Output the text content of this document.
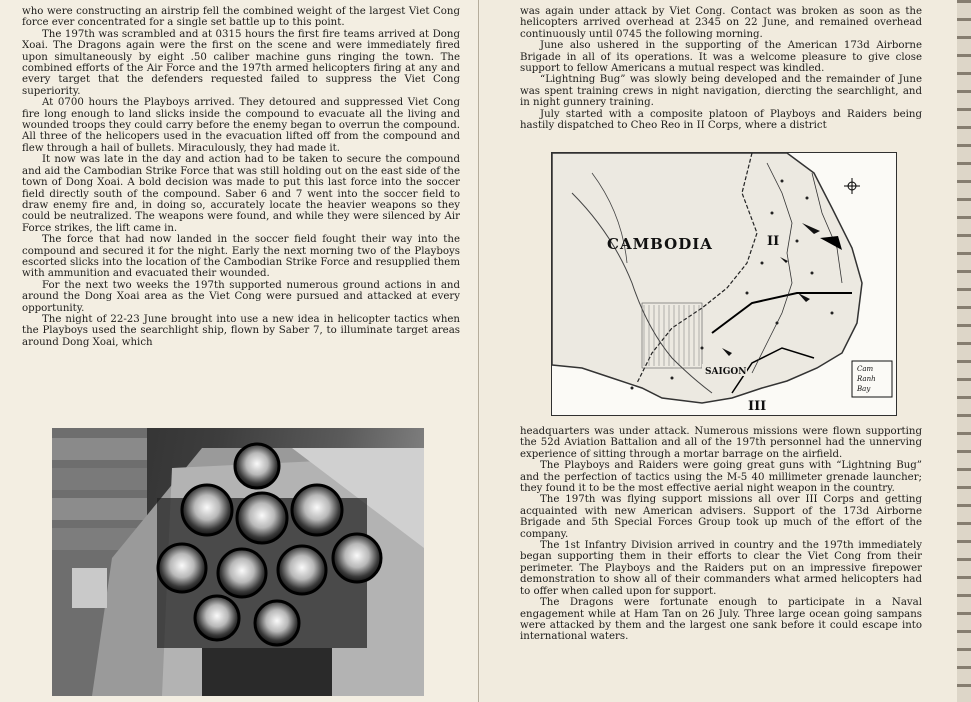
who were constructing an airstrip fell the combined weight of the largest Viet Cong force ever concentrated for a single set battle up to this point.

The 197th was scrambled and at 0315 hours the first fire teams arrived at Dong Xoai. The Dragons again were the first on the scene and were immediately fired upon simultaneously by eight .50 caliber machine guns ringing the town. The combined efforts of the Air Force and the 197th armed helicopters firing at any and every target that the defenders requested failed to suppress the Viet Cong superiority.

At 0700 hours the Playboys arrived. They detoured and suppressed Viet Cong fire long enough to land slicks inside the compound to evacuate all the living and wounded troops they could carry before the enemy began to overrun the compound. All three of the helicopers used in the evacuation lifted off from the compound and flew through a hail of bullets. Miraculously, they had made it.

It now was late in the day and action had to be taken to secure the compound and aid the Cambodian Strike Force that was still holding out on the east side of the town of Dong Xoai. A bold decision was made to put this last force into the soccer field directly south of the compound. Saber 6 and 7 went into the soccer field to draw enemy fire and, in doing so, accurately locate the heavier weapons so they could be neutralized. The weapons were found, and while they were silenced by Air Force strikes, the lift came in.

The force that had now landed in the soccer field fought their way into the compound and secured it for the night. Early the next morning two of the Playboys escorted slicks into the location of the Cambodian Strike Force and resupplied them with ammunition and evacuated their wounded.

For the next two weeks the 197th supported numerous ground actions in and around the Dong Xoai area as the Viet Cong were pursued and attacked at every opportunity.

The night of 22-23 June brought into use a new idea in helicopter tactics when the Playboys used the searchlight ship, flown by Saber 7, to illuminate target areas around Dong Xoai, which

was again under attack by Viet Cong. Contact was broken as soon as the helicopters arrived overhead at 2345 on 22 June, and remained overhead continuously until 0745 the following morning.

June also ushered in the supporting of the American 173d Airborne Brigade in all of its operations. It was a welcome pleasure to give close support to fellow Americans a mutual respect was kindled.

“Lightning Bug” was slowly being developed and the remainder of June was spent training crews in night navigation, diercting the searchlight, and in night gunnery training.

July started with a composite platoon of Playboys and Raiders being hastily dispatched to Cheo Reo in II Corps, where a district

CAMBODIA	II
III
SAIGON	Cam
Ranh
Bay

headquarters was under attack. Numerous missions were flown supporting the 52d Aviation Battalion and all of the 197th personnel had the unnerving experience of sitting through a mortar barrage on the airfield.

The Playboys and Raiders were going great guns with “Lightning Bug” and the perfection of tactics using the M-5 40 millimeter grenade launcher; they found it to be the most effective aerial night weapon in the country.

The 197th was flying support missions all over III Corps and getting acquainted with new American advisers. Support of the 173d Airborne Brigade and 5th Special Forces Group took up much of the effort of the company.

The 1st Infantry Division arrived in country and the 197th immediately began supporting them in their efforts to clear the Viet Cong from their perimeter. The Playboys and the Raiders put on an impressive firepower demonstration to show all of their commanders what armed helicopters had to offer when called upon for support.

The Dragons were fortunate enough to participate in a Naval engagement while at Ham Tan on 26 July. Three large ocean going sampans were attacked by them and the largest one sank before it could escape into international waters.
